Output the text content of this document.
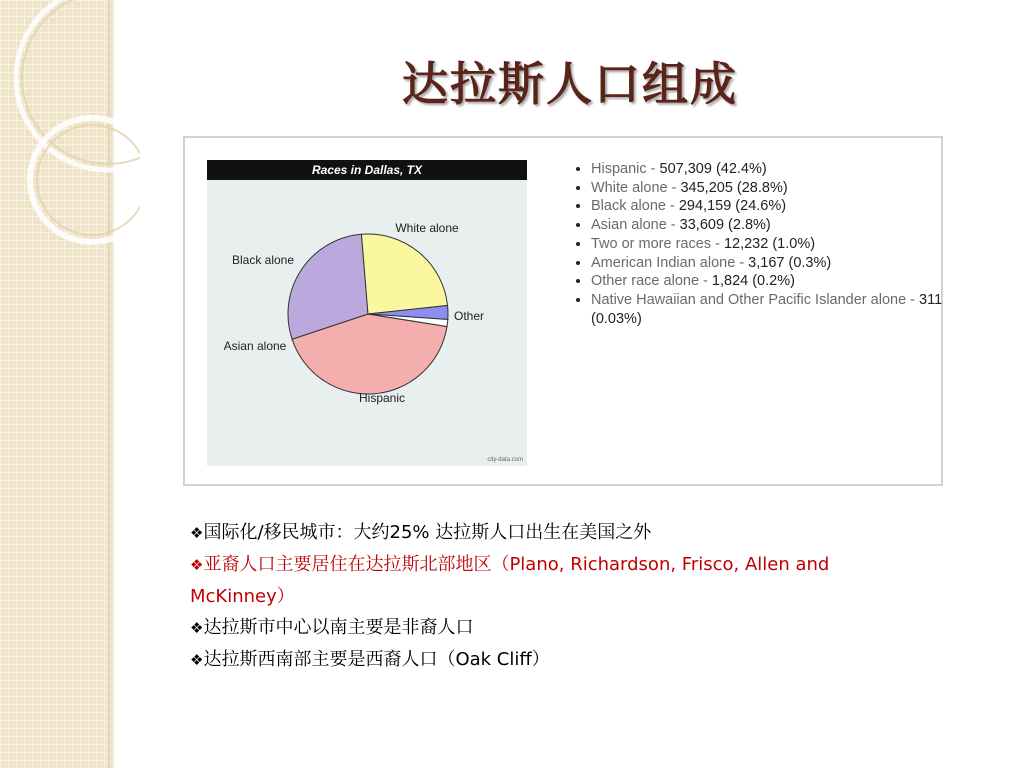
达拉斯人口组成
Hispanic
White alone
Black alone
Asian alone
Other
Races in Dallas, TX
city-data.com
• Hispanic - 507,309 (42.4%)
• White alone - 345,205 (28.8%)
• Black alone - 294,159 (24.6%)
• Asian alone - 33,609 (2.8%)
• Two or more races - 12,232 (1.0%)
• American Indian alone - 3,167 (0.3%)
• Other race alone - 1,824 (0.2%)
• Native Hawaiian and Other Pacific Islander alone - 311 (0.03%)
❖国际化/移民城市：大约25% 达拉斯人口出生在美国之外
❖亚裔人口主要居住在达拉斯北部地区（Plano, Richardson, Frisco, Allen and McKinney）
❖达拉斯市中心以南主要是非裔人口
❖达拉斯西南部主要是西裔人口（Oak Cliff）
